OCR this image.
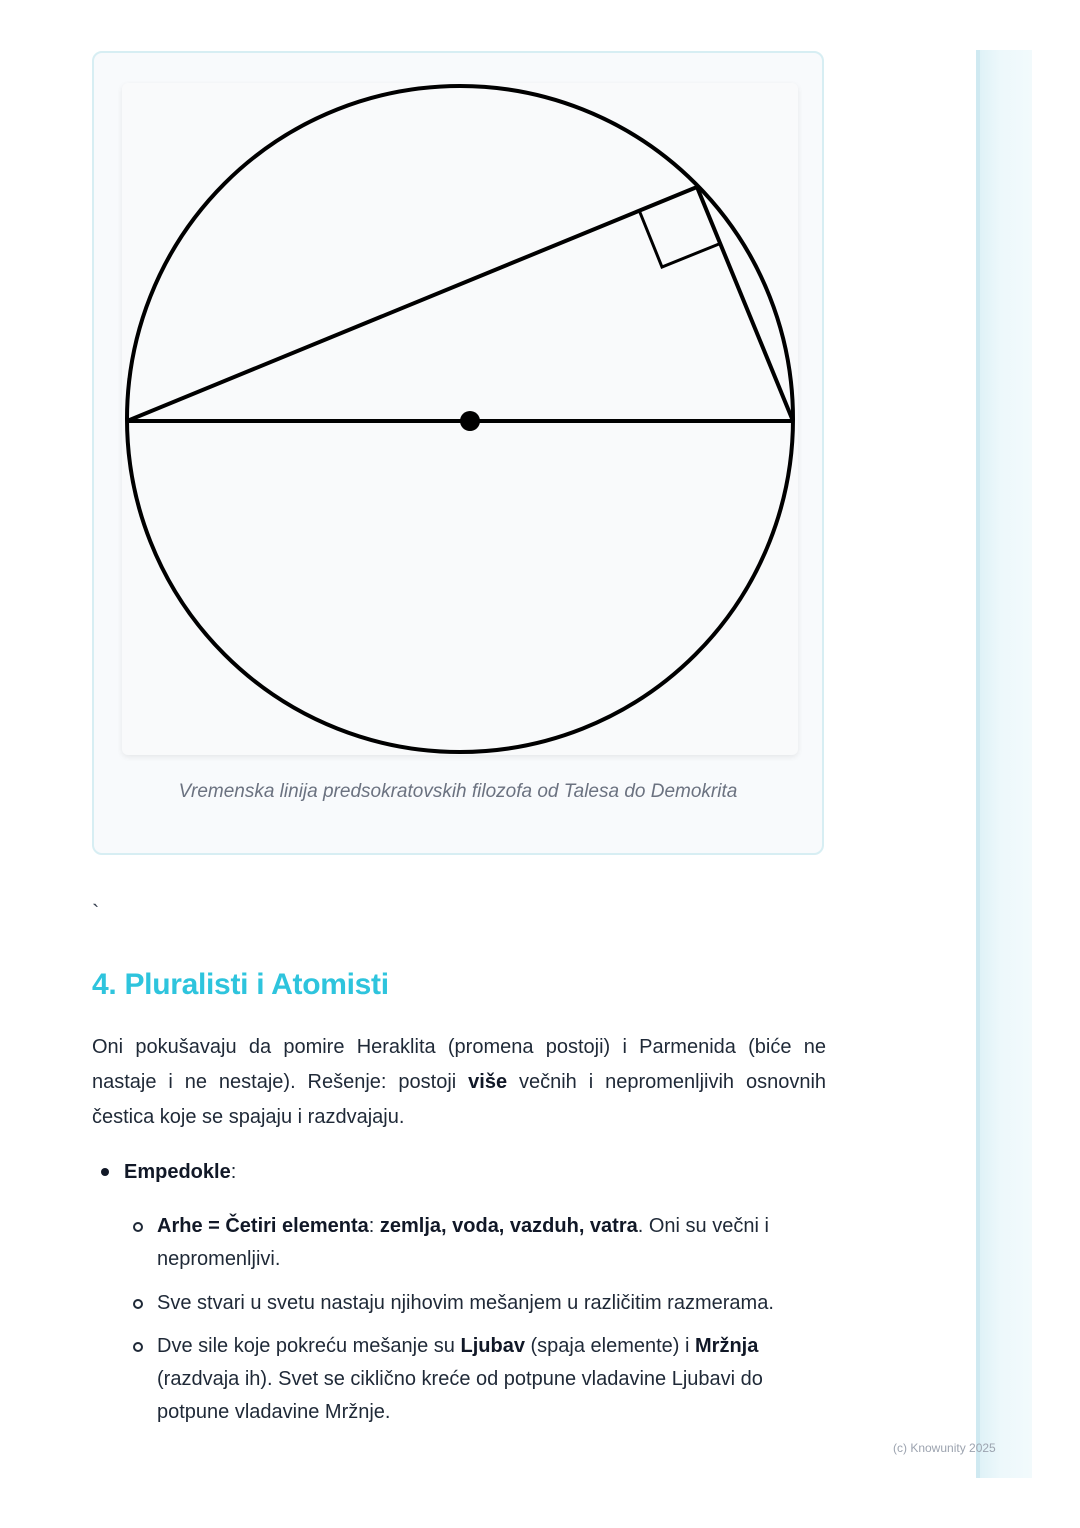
Vremenska linija predsokratovskih filozofa od Talesa do Demokrita
`
4. Pluralisti i Atomisti

Oni pokušavaju da pomire Heraklita (promena postoji) i Parmenida (biće ne nastaje i ne nestaje). Rešenje: postoji više večnih i nepromenljivih osnovnih čestica koje se spajaju i razdvajaju.

Empedokle:
Arhe = Četiri elementa: zemlja, voda, vazduh, vatra. Oni su večni i nepromenljivi.
Sve stvari u svetu nastaju njihovim mešanjem u različitim razmerama.
Dve sile koje pokreću mešanje su Ljubav (spaja elemente) i Mržnja (razdvaja ih). Svet se ciklično kreće od potpune vladavine Ljubavi do potpune vladavine Mržnje.
(c) Knowunity 2025
